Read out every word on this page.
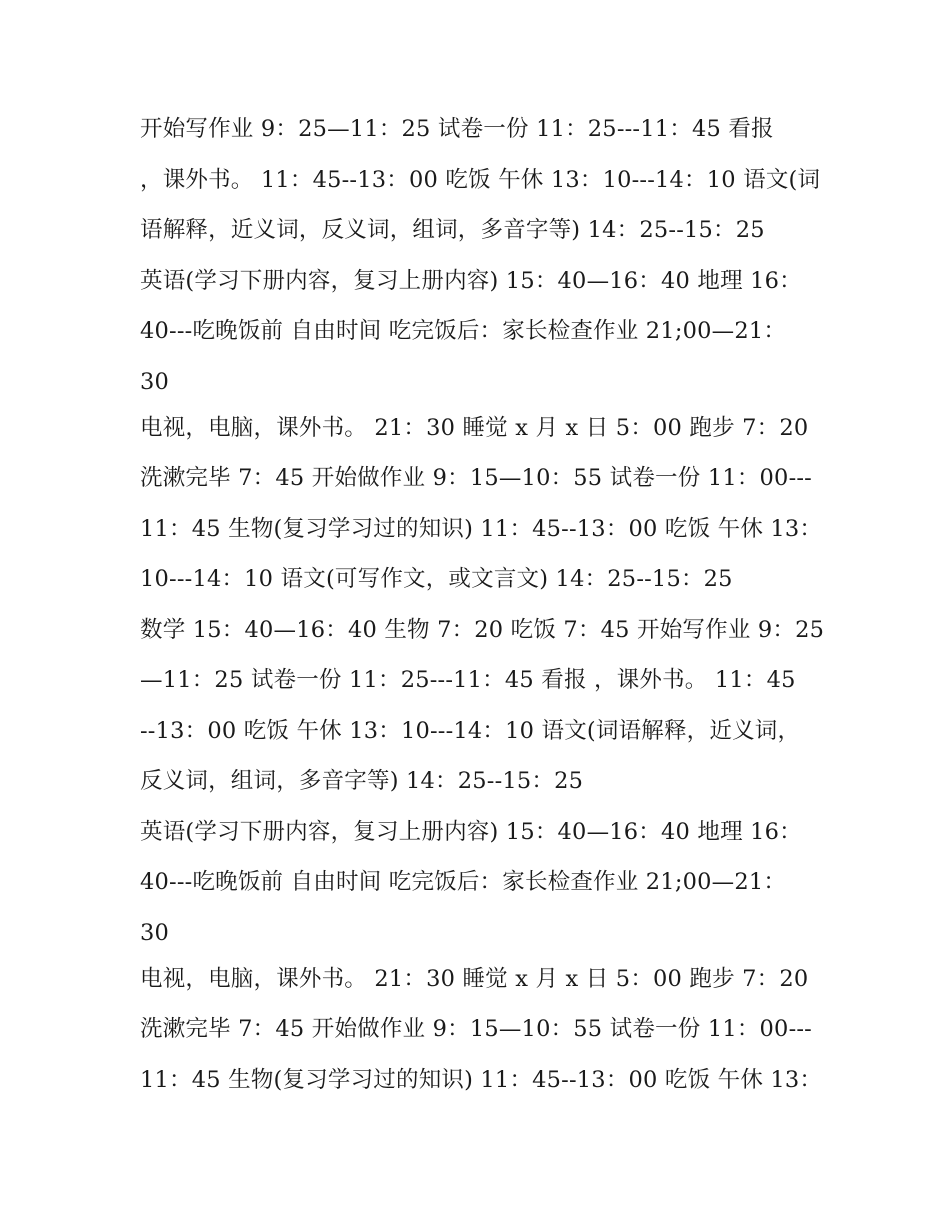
开始写作业 9：25—11：25 试卷一份 11：25---11：45 看报
，课外书。 11：45--13：00 吃饭 午休 13：10---14：10 语文(词
语解释，近义词，反义词，组词，多音字等) 14：25--15：25
英语(学习下册内容，复习上册内容) 15：40—16：40 地理 16：
40---吃晚饭前 自由时间 吃完饭后：家长检查作业 21;00—21：
30
电视，电脑，课外书。 21：30 睡觉 x 月 x 日 5：00 跑步 7：20
洗漱完毕 7：45 开始做作业 9：15—10：55 试卷一份 11：00---
11：45 生物(复习学习过的知识) 11：45--13：00 吃饭 午休 13：
10---14：10 语文(可写作文，或文言文) 14：25--15：25
数学 15：40—16：40 生物 7：20 吃饭 7：45 开始写作业 9：25
—11：25 试卷一份 11：25---11：45 看报 ，课外书。 11：45
--13：00 吃饭 午休 13：10---14：10 语文(词语解释，近义词，
反义词，组词，多音字等) 14：25--15：25
英语(学习下册内容，复习上册内容) 15：40—16：40 地理 16：
40---吃晚饭前 自由时间 吃完饭后：家长检查作业 21;00—21：
30
电视，电脑，课外书。 21：30 睡觉 x 月 x 日 5：00 跑步 7：20
洗漱完毕 7：45 开始做作业 9：15—10：55 试卷一份 11：00---
11：45 生物(复习学习过的知识) 11：45--13：00 吃饭 午休 13：
